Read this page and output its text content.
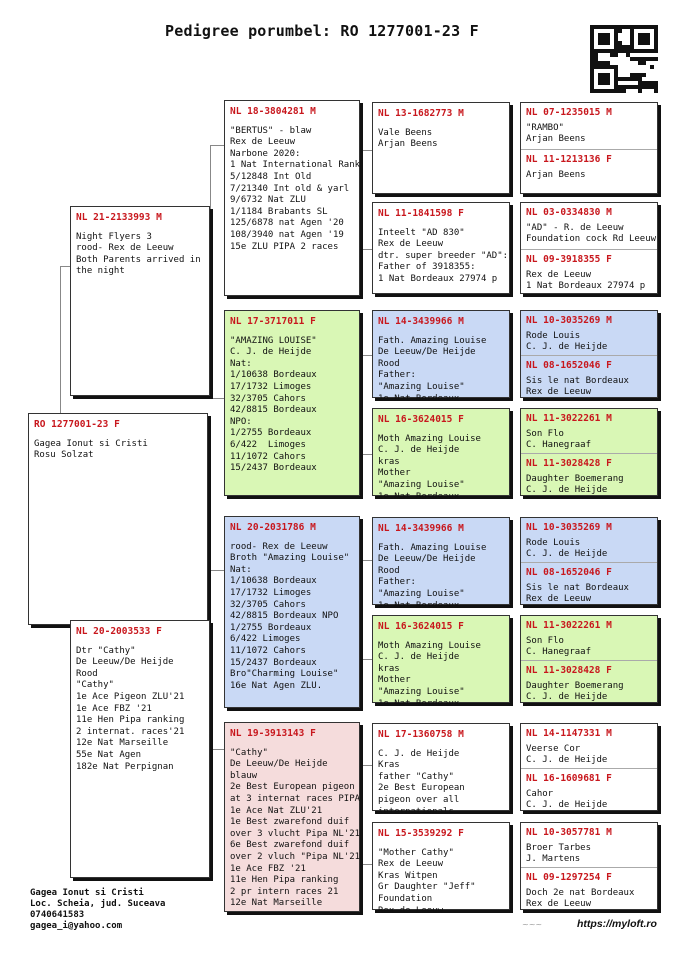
Pedigree porumbel: RO 1277001-23 F
RO 1277001-23 F
Gagea Ionut si Cristi
Rosu Solzat
NL 21-2133993 M
Night Flyers 3
rood- Rex de Leeuw
Both Parents arrived in
the night
NL 20-2003533 F
Dtr "Cathy"
De Leeuw/De Heijde
Rood
"Cathy"
1e Ace Pigeon ZLU'21
1e Ace FBZ '21
11e Hen Pipa ranking
2 internat. races'21
12e Nat Marseille
55e Nat Agen
182e Nat Perpignan
NL 18-3804281 M
"BERTUS" - blaw
Rex de Leeuw
Narbone 2020:
1 Nat International Rank
5/12848 Int Old
7/21340 Int old & yarl
9/6732 Nat ZLU
1/1184 Brabants SL
125/6878 nat Agen '20
108/3940 nat Agen '19
15e ZLU PIPA 2 races
NL 17-3717011 F
"AMAZING LOUISE"
C. J. de Heijde
Nat:
1/10638 Bordeaux
17/1732 Limoges
32/3705 Cahors
42/8815 Bordeaux
NPO:
1/2755 Bordeaux
6/422  Limoges
11/1072 Cahors
15/2437 Bordeaux
NL 20-2031786 M
rood- Rex de Leeuw
Broth "Amazing Louise"
Nat:
1/10638 Bordeaux
17/1732 Limoges
32/3705 Cahors
42/8815 Bordeaux NPO
1/2755 Bordeaux
6/422 Limoges
11/1072 Cahors
15/2437 Bordeaux
Bro"Charming Louise"
16e Nat Agen ZLU.
NL 19-3913143 F
"Cathy"
De Leeuw/De Heijde
blauw
2e Best European pigeon
at 3 internat races PIPA
1e Ace Nat ZLU'21
1e Best zwarefond duif
over 3 vlucht Pipa NL'21
6e Best zwarefond duif
over 2 vluch "Pipa NL'21
1e Ace FBZ '21
11e Hen Pipa ranking
2 pr intern races 21
12e Nat Marseille
NL 13-1682773 M
Vale Beens
Arjan Beens
NL 11-1841598 F
Inteelt "AD 830"
Rex de Leeuw
dtr. super breeder "AD":
Father of 3918355:
1 Nat Bordeaux 27974 p
NL 14-3439966 M
Fath. Amazing Louise
De Leeuw/De Heijde
Rood
Father:
"Amazing Louise"
1e Nat Bordeaux
NL 16-3624015 F
Moth Amazing Louise
C. J. de Heijde
kras
Mother
"Amazing Louise"
1e Nat Bordeaux
NL 14-3439966 M
Fath. Amazing Louise
De Leeuw/De Heijde
Rood
Father:
"Amazing Louise"
1e Nat Bordeaux
NL 16-3624015 F
Moth Amazing Louise
C. J. de Heijde
kras
Mother
"Amazing Louise"
1e Nat Bordeaux
NL 17-1360758 M
C. J. de Heijde
Kras
father "Cathy"
2e Best European
pigeon over all
internationals
NL 15-3539292 F
"Mother Cathy"
Rex de Leeuw
Kras Witpen
Gr Daughter "Jeff"
Foundation
Rex de Leeuw
NL 07-1235015 M
"RAMBO"
Arjan Beens
NL 11-1213136 F
Arjan Beens
NL 03-0334830 M
"AD" - R. de Leeuw
Foundation cock Rd Leeuw
NL 09-3918355 F
Rex de Leeuw
1 Nat Bordeaux 27974 p
NL 10-3035269 M
Rode Louis
C. J. de Heijde
NL 08-1652046 F
Sis le nat Bordeaux
Rex de Leeuw
NL 11-3022261 M
Son Flo
C. Hanegraaf
NL 11-3028428 F
Daughter Boemerang
C. J. de Heijde
NL 10-3035269 M
Rode Louis
C. J. de Heijde
NL 08-1652046 F
Sis le nat Bordeaux
Rex de Leeuw
NL 11-3022261 M
Son Flo
C. Hanegraaf
NL 11-3028428 F
Daughter Boemerang
C. J. de Heijde
NL 14-1147331 M
Veerse Cor
C. J. de Heijde
NL 16-1609681 F
Cahor
C. J. de Heijde
NL 10-3057781 M
Broer Tarbes
J. Martens
NL 09-1297254 F
Doch 2e nat Bordeaux
Rex de Leeuw
Gagea Ionut si Cristi
Loc. Scheia, jud. Suceava
0740641583
gagea_i@yahoo.com	~~~	https://myloft.ro
